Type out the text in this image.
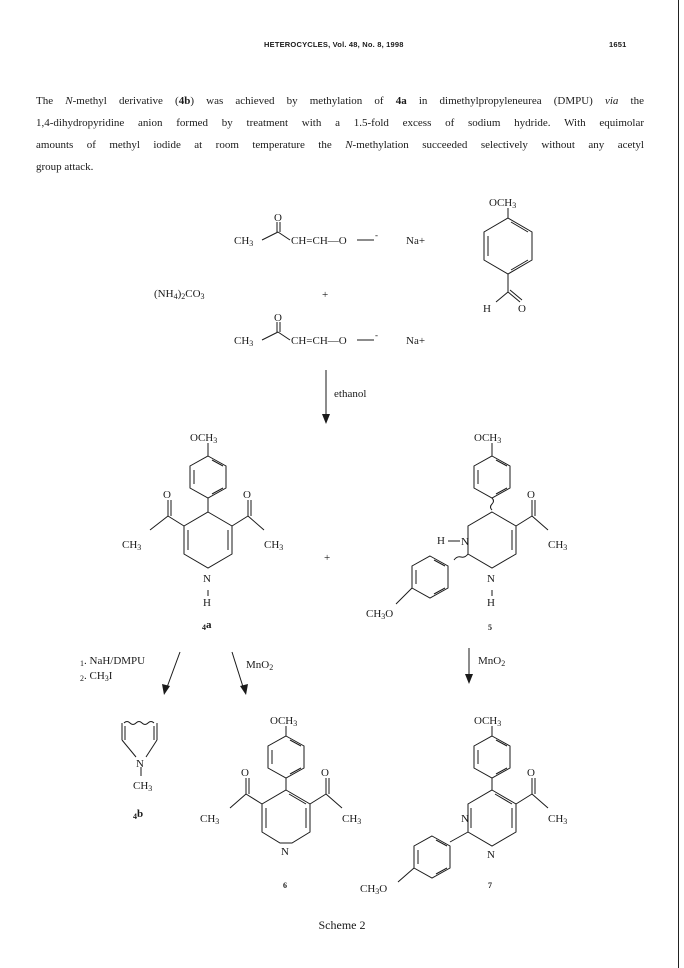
HETEROCYCLES, Vol. 48, No. 8, 1998	1651
The N-methyl derivative (4b) was achieved by methylation of 4a in dimethylpropyleneurea (DMPU) via the
1,4-dihydropyridine anion formed by treatment with a 1.5-fold excess of sodium hydride. With equimolar
amounts of methyl iodide at room temperature the N-methylation succeeded selectively without any acetyl
group attack.
O
CH3	CH=CH—O	-	Na+
(NH4)2CO3	+
O
CH3	CH=CH—O	-	Na+
OCH3
H O
ethanol
OCH3
O	O
CH3	CH3
N
H
4a
+
OCH3
O
CH3
H N
N
H
CH3O
5
1. NaH/DMPU
2. CH3I
MnO2
MnO2
N
CH3
4b
OCH3
O	O
CH3	CH3
N
6
OCH3
O
CH3
N
N
CH3O	7
Scheme 2
